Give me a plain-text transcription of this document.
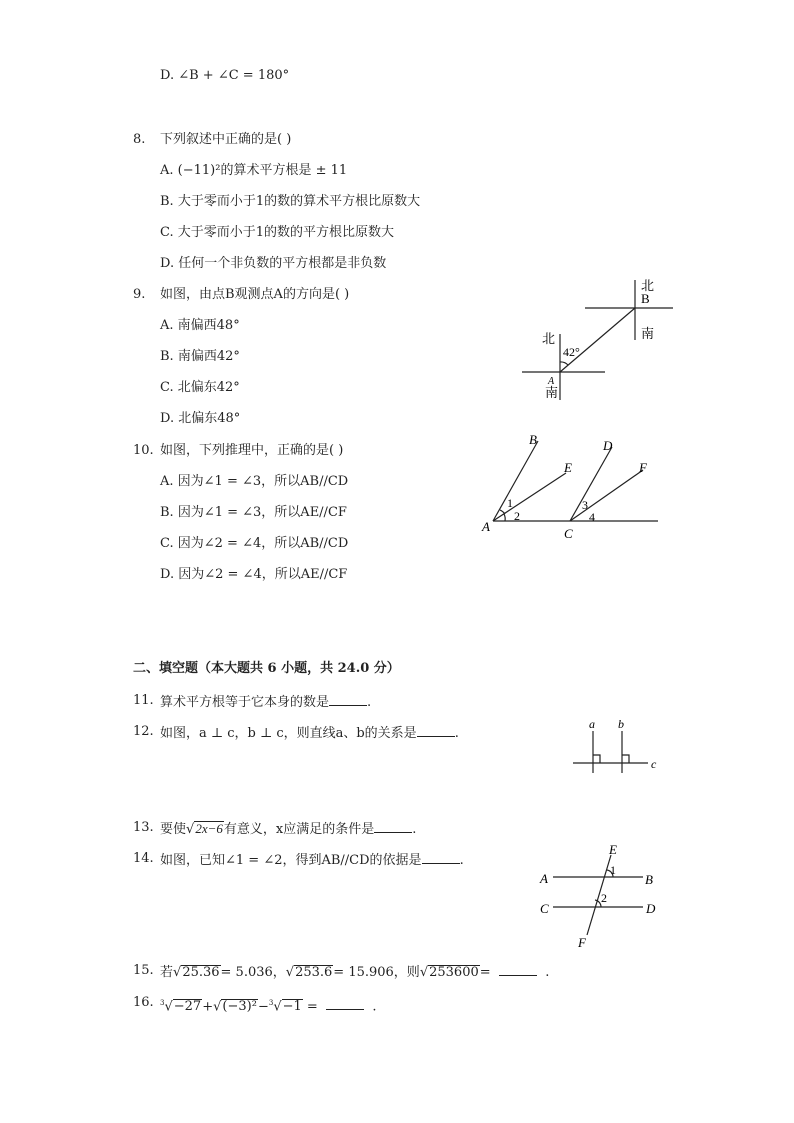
D. ∠B + ∠C = 180°
8. 下列叙述中正确的是( )
A. (−11)²的算术平方根是 ± 11
B. 大于零而小于1的数的算术平方根比原数大
C. 大于零而小于1的数的平方根比原数大
D. 任何一个非负数的平方根都是非负数
9. 如图，由点B观测点A的方向是( )
A. 南偏西48°
B. 南偏西42°
C. 北偏东42°
D. 北偏东48°
北
B
南
北
42°
A
南
10. 如图，下列推理中，正确的是( )
A. 因为∠1 = ∠3，所以AB//CD
B. 因为∠1 = ∠3，所以AE//CF
C. 因为∠2 = ∠4，所以AB//CD
D. 因为∠2 = ∠4，所以AE//CF
B
E
D
F
A	C
1
2
3
4
二、填空题（本大题共 6 小题，共 24.0 分）
11. 算术平方根等于它本身的数是	.
12. 如图，a ⊥ c，b ⊥ c，则直线a、b的关系是	.
a b
c
13. 要使√2x−6有意义，x应满足的条件是	.
14. 如图，已知∠1 = ∠2，得到AB//CD的依据是	.
E
A	B
C	D
F
1
2
15. 若√25.36= 5.036，√253.6= 15.906，则√253600=	.
16. $^3$√−27+√(−3)²−$^3$√−1 =	.
